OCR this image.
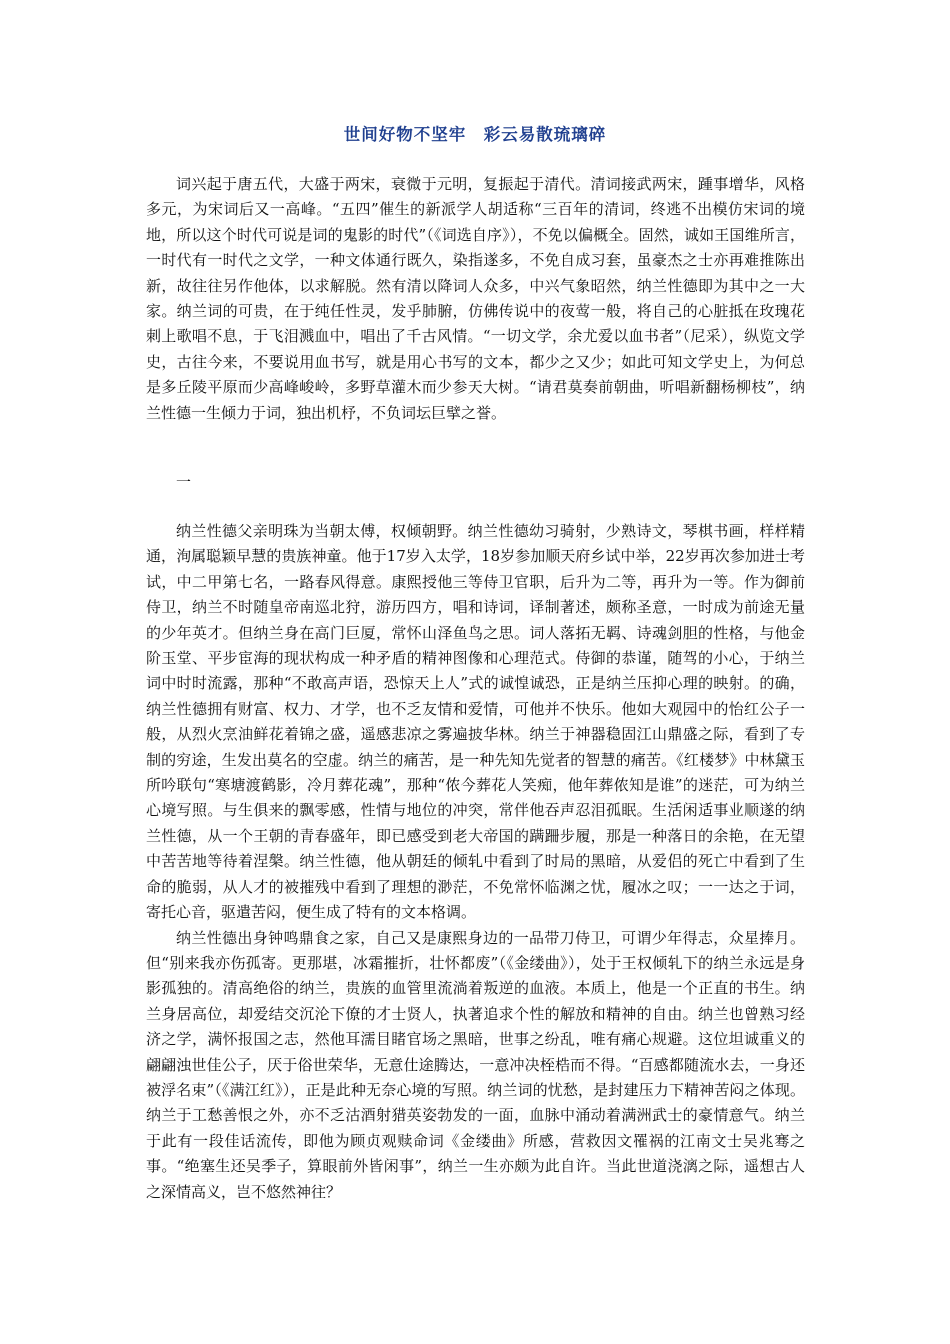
世间好物不坚牢　彩云易散琉璃碎

词兴起于唐五代，大盛于两宋，衰微于元明，复振起于清代。清词接武两宋，踵事增华，风格多元，为宋词后又一高峰。“五四”催生的新派学人胡适称“三百年的清词，终逃不出模仿宋词的境地，所以这个时代可说是词的鬼影的时代”（《词选自序》），不免以偏概全。固然，诚如王国维所言，一时代有一时代之文学，一种文体通行既久，染指遂多，不免自成习套，虽豪杰之士亦再难推陈出新，故往往另作他体，以求解脱。然有清以降词人众多，中兴气象昭然，纳兰性德即为其中之一大家。纳兰词的可贵，在于纯任性灵，发乎肺腑，仿佛传说中的夜莺一般，将自己的心脏抵在玫瑰花刺上歌唱不息，于飞泪溅血中，唱出了千古风情。“一切文学，余尤爱以血书者”（尼采），纵览文学史，古往今来，不要说用血书写，就是用心书写的文本，都少之又少；如此可知文学史上，为何总是多丘陵平原而少高峰峻岭，多野草灌木而少参天大树。“请君莫奏前朝曲，听唱新翻杨柳枝”，纳兰性德一生倾力于词，独出机杼，不负词坛巨擘之誉。

一

纳兰性德父亲明珠为当朝太傅，权倾朝野。纳兰性德幼习骑射，少熟诗文，琴棋书画，样样精通，洵属聪颖早慧的贵族神童。他于17岁入太学，18岁参加顺天府乡试中举，22岁再次参加进士考试，中二甲第七名，一路春风得意。康熙授他三等侍卫官职，后升为二等，再升为一等。作为御前侍卫，纳兰不时随皇帝南巡北狩，游历四方，唱和诗词，译制著述，颇称圣意，一时成为前途无量的少年英才。但纳兰身在高门巨厦，常怀山泽鱼鸟之思。词人落拓无羁、诗魂剑胆的性格，与他金阶玉堂、平步宦海的现状构成一种矛盾的精神图像和心理范式。侍御的恭谨，随驾的小心，于纳兰词中时时流露，那种“不敢高声语，恐惊天上人”式的诚惶诚恐，正是纳兰压抑心理的映射。的确，纳兰性德拥有财富、权力、才学，也不乏友情和爱情，可他并不快乐。他如大观园中的怡红公子一般，从烈火烹油鲜花着锦之盛，遥感悲凉之雾遍披华林。纳兰于神器稳固江山鼎盛之际，看到了专制的穷途，生发出莫名的空虚。纳兰的痛苦，是一种先知先觉者的智慧的痛苦。《红楼梦》中林黛玉所吟联句“寒塘渡鹤影，冷月葬花魂”，那种“侬今葬花人笑痴，他年葬侬知是谁”的迷茫，可为纳兰心境写照。与生俱来的飘零感，性情与地位的冲突，常伴他吞声忍泪孤眠。生活闲适事业顺遂的纳兰性德，从一个王朝的青春盛年，即已感受到老大帝国的蹒跚步履，那是一种落日的余艳，在无望中苦苦地等待着涅槃。纳兰性德，他从朝廷的倾轧中看到了时局的黑暗，从爱侣的死亡中看到了生命的脆弱，从人才的被摧残中看到了理想的渺茫，不免常怀临渊之忧，履冰之叹；一一达之于词，寄托心音，驱遣苦闷，便生成了特有的文本格调。

纳兰性德出身钟鸣鼎食之家，自己又是康熙身边的一品带刀侍卫，可谓少年得志，众星捧月。但“别来我亦伤孤寄。更那堪，冰霜摧折，壮怀都废”（《金缕曲》），处于王权倾轧下的纳兰永远是身影孤独的。清高绝俗的纳兰，贵族的血管里流淌着叛逆的血液。本质上，他是一个正直的书生。纳兰身居高位，却爱结交沉沦下僚的才士贤人，执著追求个性的解放和精神的自由。纳兰也曾熟习经济之学，满怀报国之志，然他耳濡目睹官场之黑暗，世事之纷乱，唯有痛心规避。这位坦诚重义的翩翩浊世佳公子，厌于俗世荣华，无意仕途腾达，一意冲决桎梏而不得。“百感都随流水去，一身还被浮名束”（《满江红》），正是此种无奈心境的写照。纳兰词的忧愁，是封建压力下精神苦闷之体现。纳兰于工愁善恨之外，亦不乏沽酒射猎英姿勃发的一面，血脉中涌动着满洲武士的豪情意气。纳兰于此有一段佳话流传，即他为顾贞观赎命词《金缕曲》所感，营救因文罹祸的江南文士吴兆骞之事。“绝塞生还吴季子，算眼前外皆闲事”，纳兰一生亦颇为此自许。当此世道浇漓之际，遥想古人之深情高义，岂不悠然神往？
